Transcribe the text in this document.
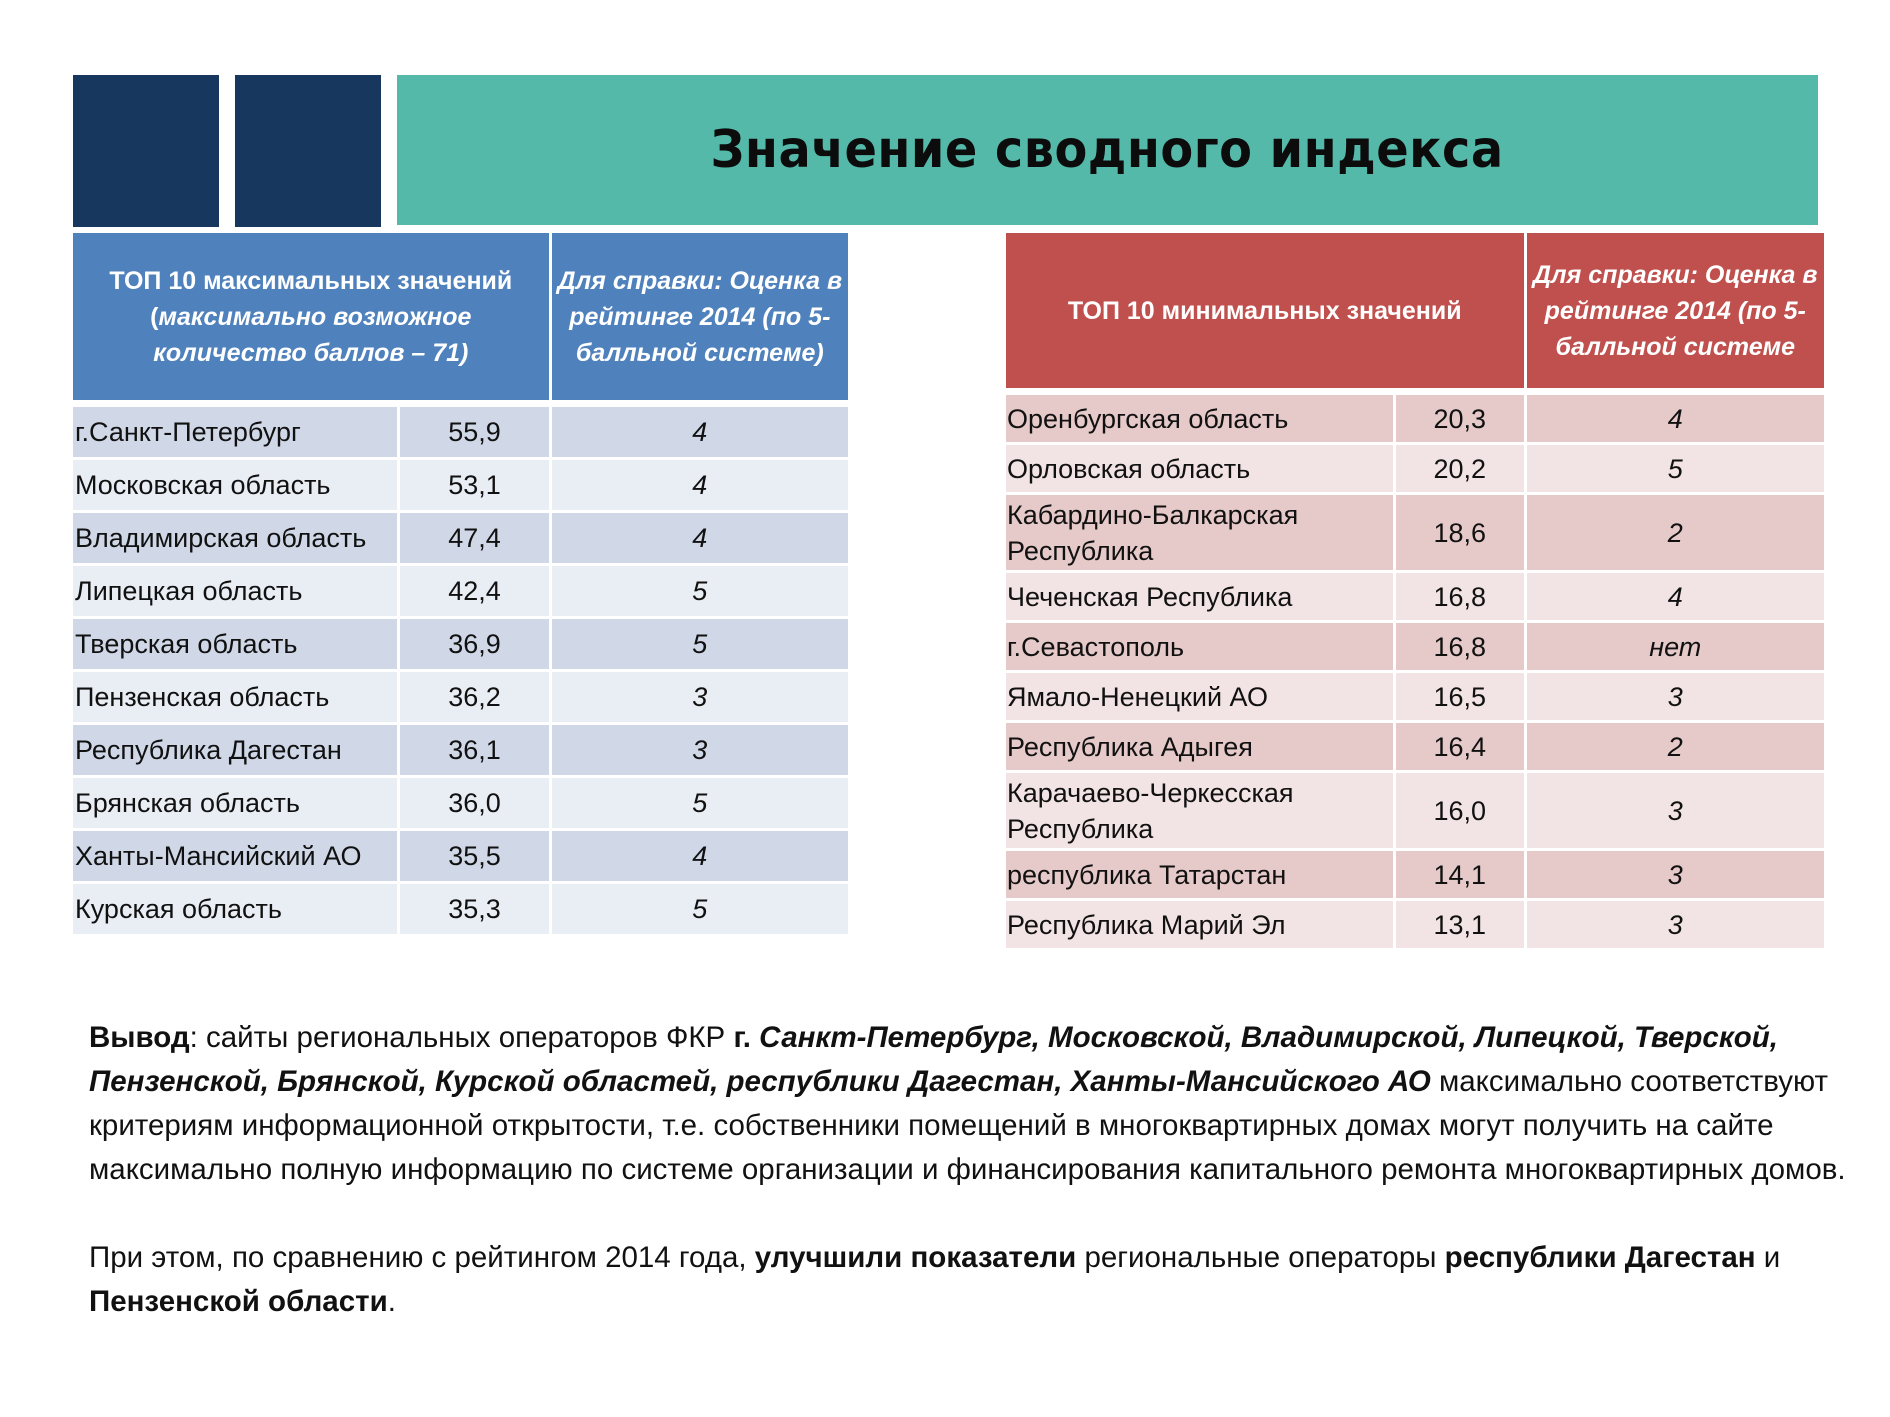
Значение сводного индекса
ТОП 10 максимальных значений (максимально возможное количество баллов – 71)		Для справки: Оценка в рейтинге 2014 (по 5-балльной системе)
г.Санкт-Петербург	55,9	4
Московская область	53,1	4
Владимирская область	47,4	4
Липецкая область	42,4	5
Тверская область	36,9	5
Пензенская область	36,2	3
Республика Дагестан	36,1	3
Брянская область	36,0	5
Ханты-Мансийский АО	35,5	4
Курская область	35,3	5
ТОП 10 минимальных значений		Для справки: Оценка в рейтинге 2014 (по 5-балльной системе
Оренбургская область	20,3	4
Орловская область	20,2	5
Кабардино-Балкарская Республика	18,6	2
Чеченская Республика	16,8	4
г.Севастополь	16,8	нет
Ямало-Ненецкий АО	16,5	3
Республика Адыгея	16,4	2
Карачаево-Черкесская Республика	16,0	3
республика Татарстан	14,1	3
Республика Марий Эл	13,1	3

Вывод: сайты региональных операторов ФКР г. Санкт-Петербург, Московской, Владимирской, Липецкой, Тверской, Пензенской, Брянской, Курской областей, республики Дагестан, Ханты-Мансийского АО максимально соответствуют критериям информационной открытости, т.е. собственники помещений в многоквартирных домах могут получить на сайте максимально полную информацию по системе организации и финансирования капитального ремонта многоквартирных домов.

При этом, по сравнению с рейтингом 2014 года, улучшили показатели региональные операторы республики Дагестан и Пензенской области.
